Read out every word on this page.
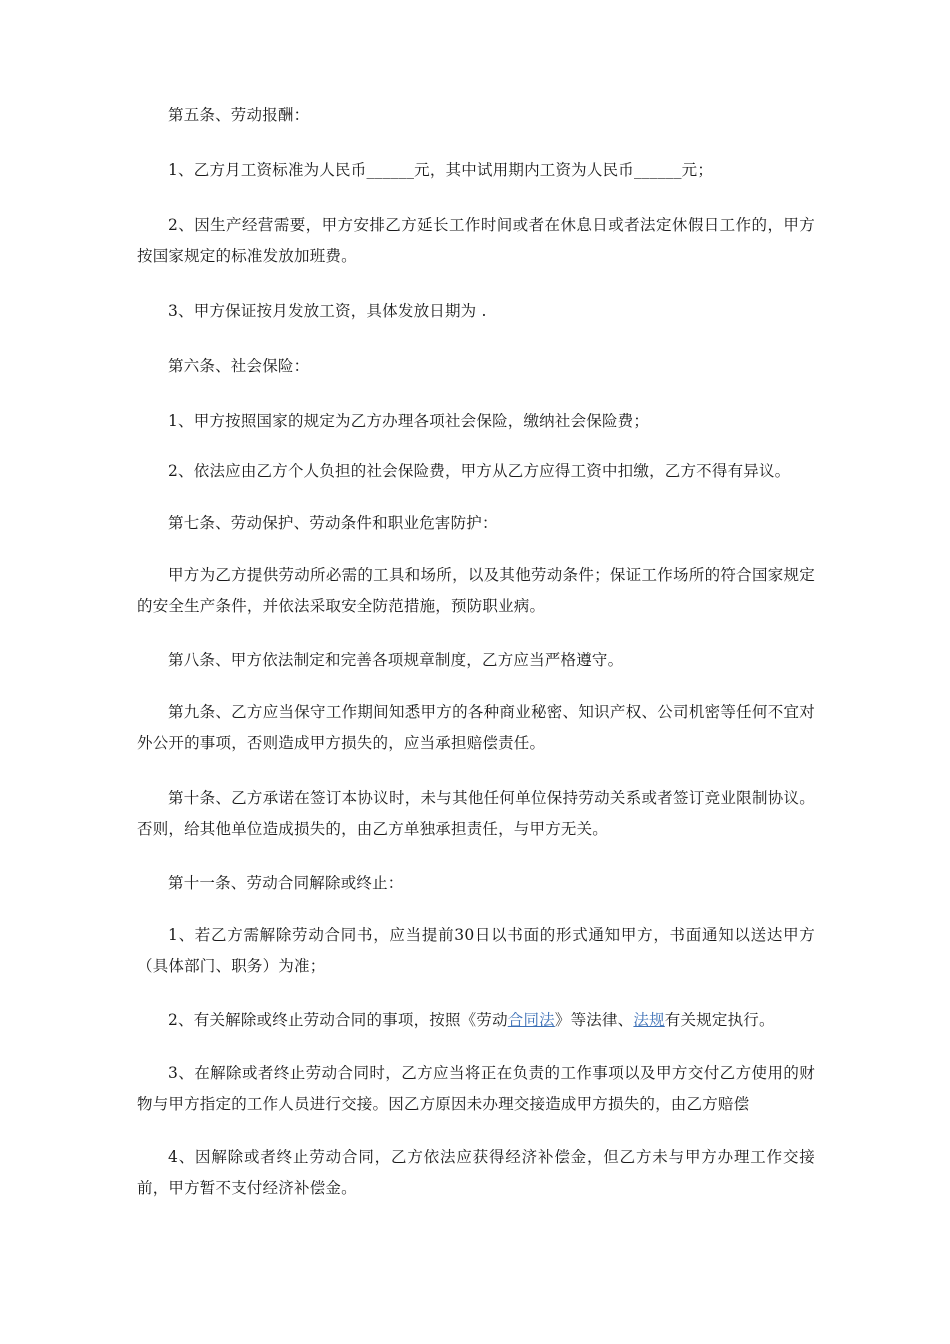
第五条、劳动报酬：

1、乙方月工资标准为人民币______元，其中试用期内工资为人民币______元；

2、因生产经营需要，甲方安排乙方延长工作时间或者在休息日或者法定休假日工作的，甲方按国家规定的标准发放加班费。

3、甲方保证按月发放工资，具体发放日期为 .

第六条、社会保险：

1、甲方按照国家的规定为乙方办理各项社会保险，缴纳社会保险费；

2、依法应由乙方个人负担的社会保险费，甲方从乙方应得工资中扣缴，乙方不得有异议。

第七条、劳动保护、劳动条件和职业危害防护：

甲方为乙方提供劳动所必需的工具和场所，以及其他劳动条件；保证工作场所的符合国家规定的安全生产条件，并依法采取安全防范措施，预防职业病。

第八条、甲方依法制定和完善各项规章制度，乙方应当严格遵守。

第九条、乙方应当保守工作期间知悉甲方的各种商业秘密、知识产权、公司机密等任何不宜对外公开的事项，否则造成甲方损失的，应当承担赔偿责任。

第十条、乙方承诺在签订本协议时，未与其他任何单位保持劳动关系或者签订竞业限制协议。否则，给其他单位造成损失的，由乙方单独承担责任，与甲方无关。

第十一条、劳动合同解除或终止：

1、若乙方需解除劳动合同书，应当提前30日以书面的形式通知甲方，书面通知以送达甲方 （具体部门、职务）为准；

2、有关解除或终止劳动合同的事项，按照《劳动合同法》等法律、法规有关规定执行。

3、在解除或者终止劳动合同时，乙方应当将正在负责的工作事项以及甲方交付乙方使用的财物与甲方指定的工作人员进行交接。因乙方原因未办理交接造成甲方损失的，由乙方赔偿

4、因解除或者终止劳动合同，乙方依法应获得经济补偿金，但乙方未与甲方办理工作交接前，甲方暂不支付经济补偿金。
